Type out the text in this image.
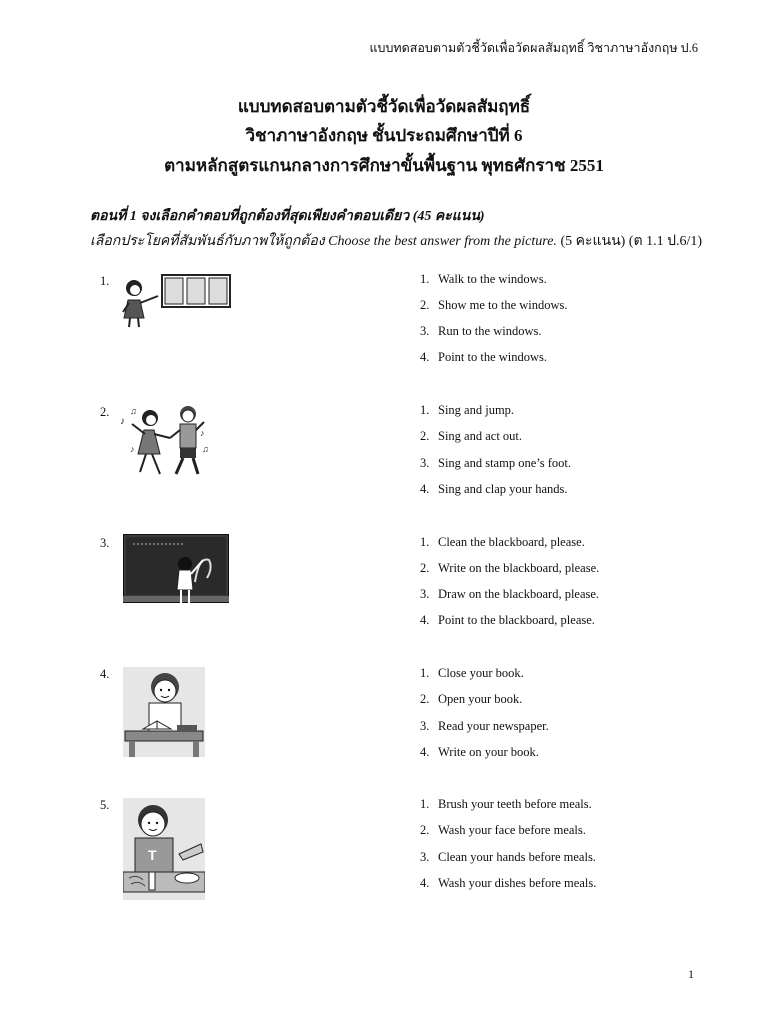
แบบทดสอบตามตัวชี้วัดเพื่อวัดผลสัมฤทธิ์ วิชาภาษาอังกฤษ ป.6
แบบทดสอบตามตัวชี้วัดเพื่อวัดผลสัมฤทธิ์
วิชาภาษาอังกฤษ ชั้นประถมศึกษาปีที่ 6
ตามหลักสูตรแกนกลางการศึกษาขั้นพื้นฐาน พุทธศักราช 2551
ตอนที่ 1 จงเลือกคำตอบที่ถูกต้องที่สุดเพียงคำตอบเดียว (45 คะแนน)
เลือกประโยคที่สัมพันธ์กับภาพให้ถูกต้อง Choose the best answer from the picture. (5 คะแนน) (ต 1.1 ป.6/1)
1.	1. Walk to the windows.
2. Show me to the windows.
3. Run to the windows.
4. Point to the windows.
2.
♪
♫
♪
♪
♫
1. Sing and jump.
2. Sing and act out.
3. Sing and stamp one’s foot.
4. Sing and clap your hands.
3.	1. Clean the blackboard, please.
2. Write on the blackboard, please.
3. Draw on the blackboard, please.
4. Point to the blackboard, please.
4.	1. Close your book.
2. Open your book.
3. Read your newspaper.
4. Write on your book.
5.
T
1. Brush your teeth before meals.
2. Wash your face before meals.
3. Clean your hands before meals.
4. Wash your dishes before meals.
1
